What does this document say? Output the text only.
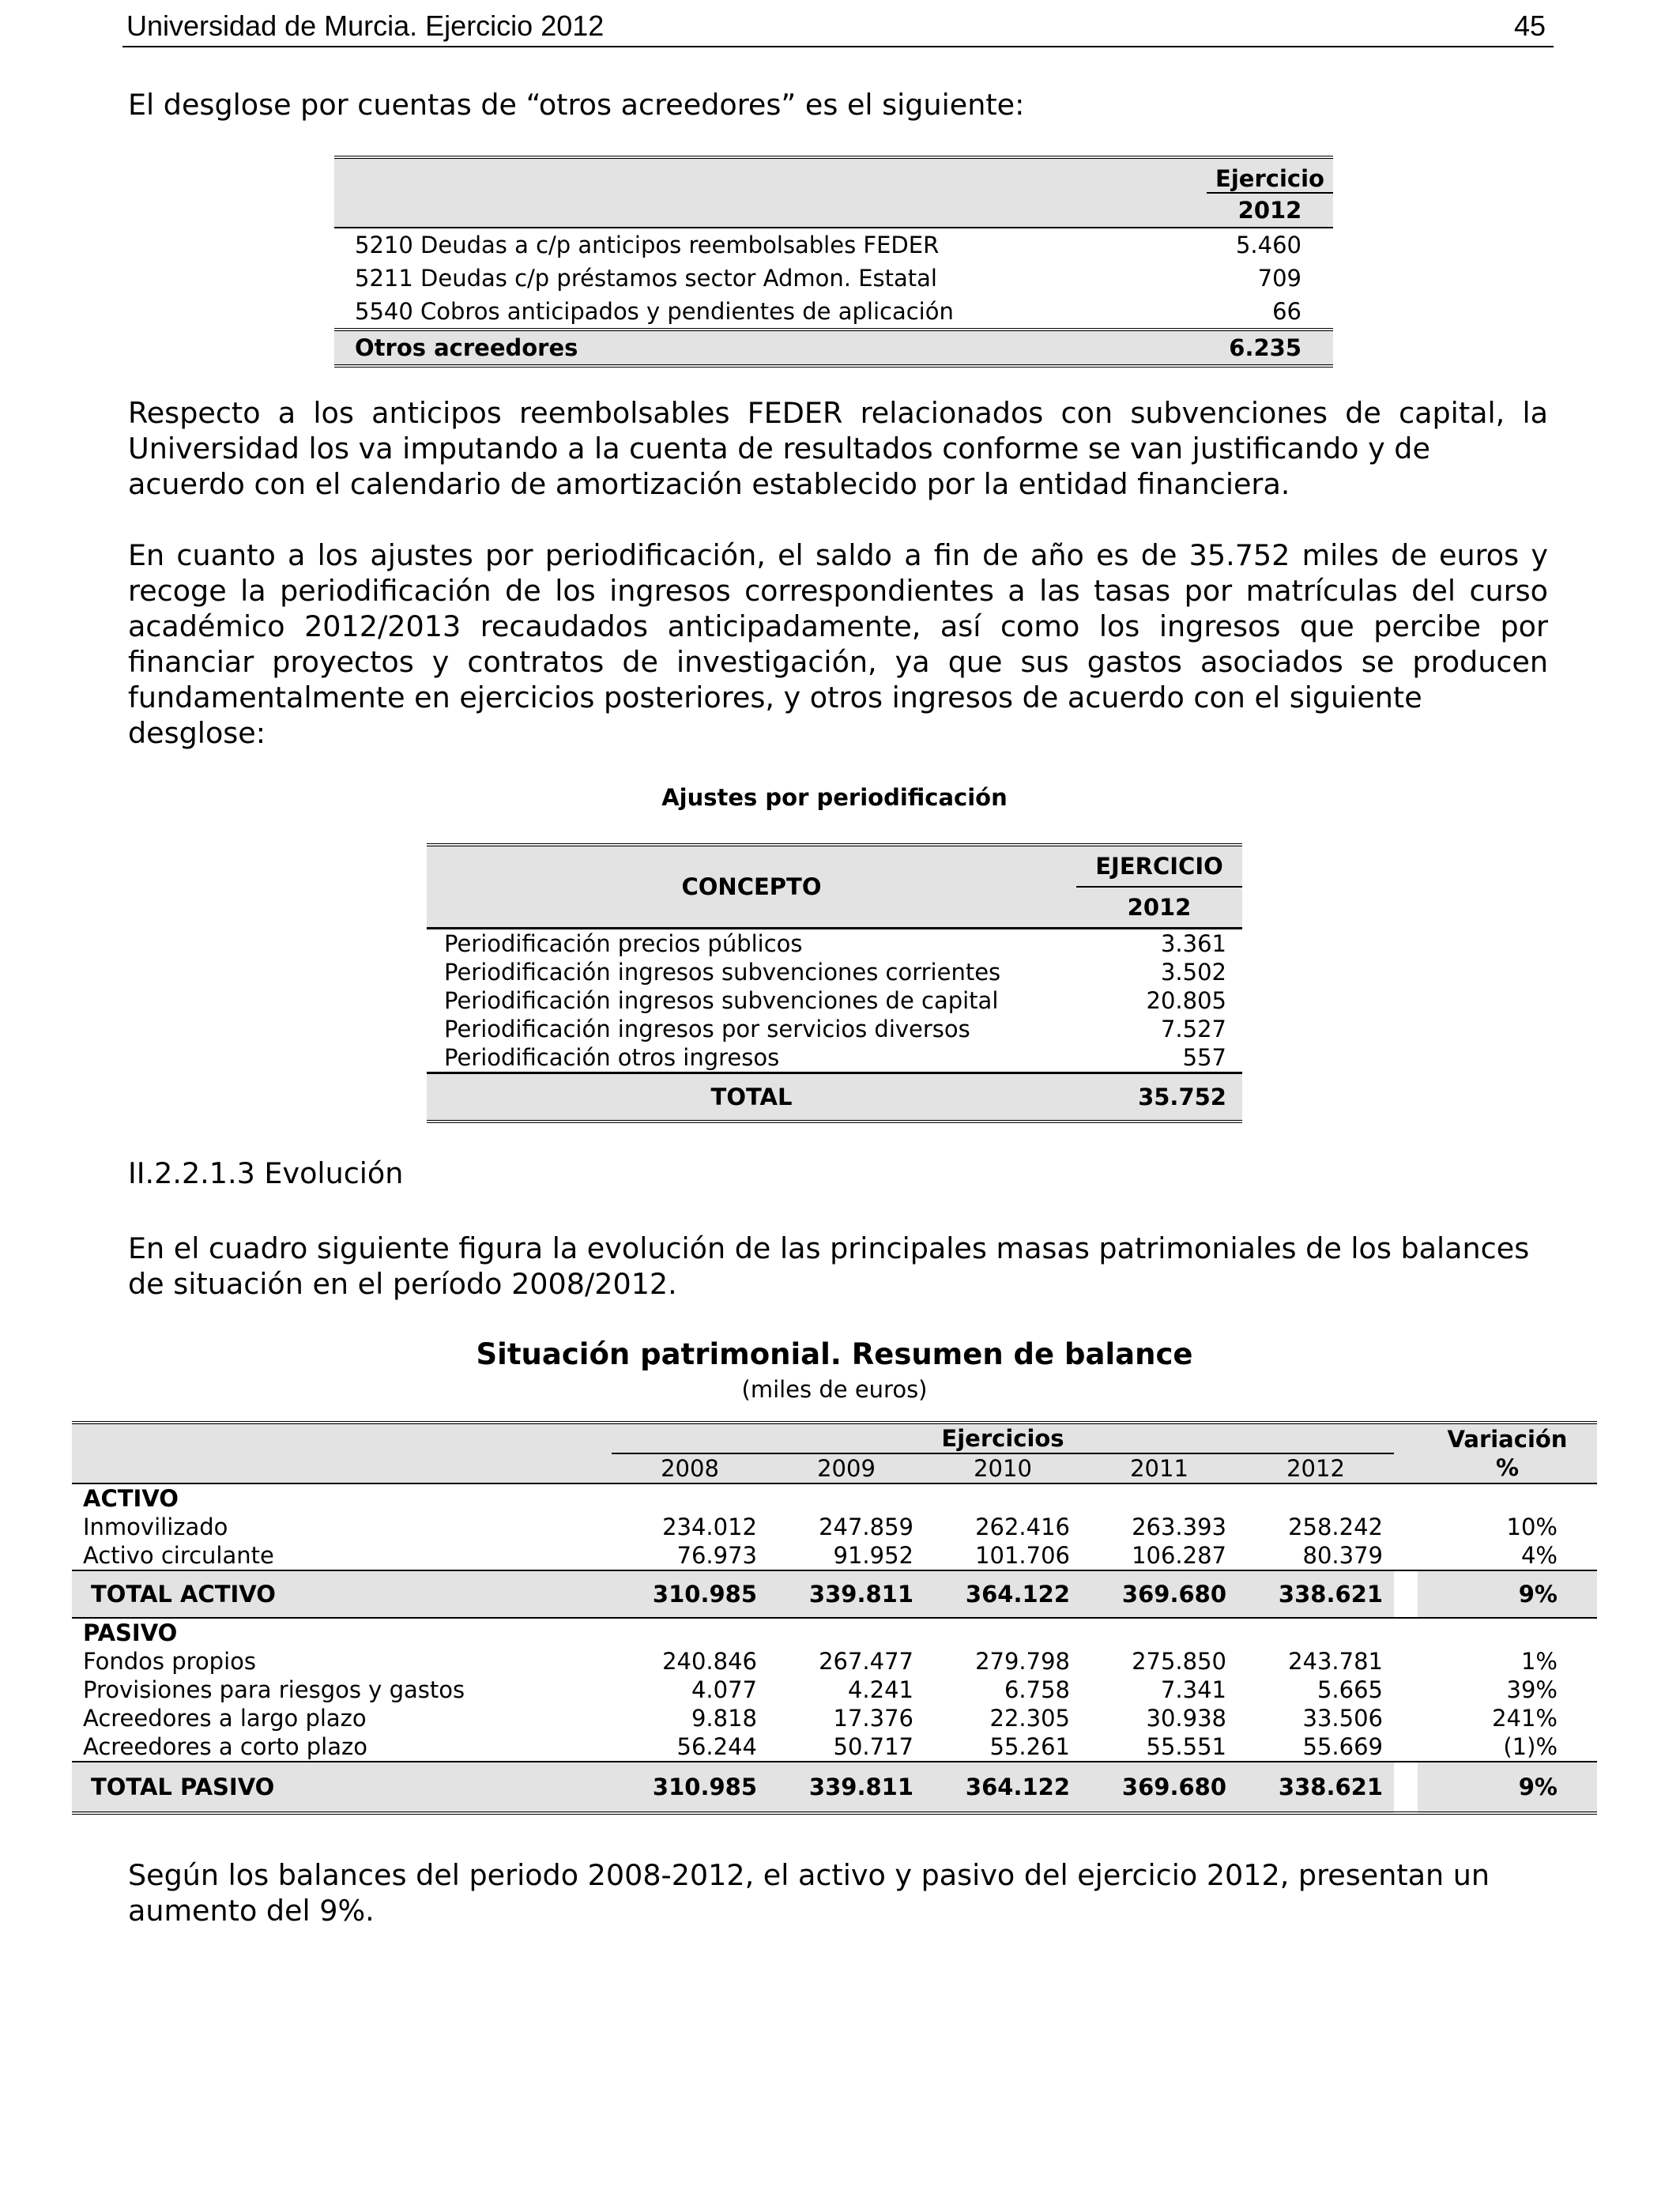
Universidad de Murcia. Ejercicio 2012	45
El desglose por cuentas de “otros acreedores” es el siguiente:
	Ejercicio
	2012
5210 Deudas a c/p anticipos reembolsables FEDER	5.460
5211 Deudas c/p préstamos sector Admon. Estatal	709
5540 Cobros anticipados y pendientes de aplicación	66
Otros acreedores	6.235
Respecto a los anticipos reembolsables FEDER relacionados con subvenciones de capital, la Universidad los va imputando a la cuenta de resultados conforme se van justificando y de
acuerdo con el calendario de amortización establecido por la entidad financiera.
En cuanto a los ajustes por periodificación, el saldo a fin de año es de 35.752 miles de euros y recoge la periodificación de los ingresos correspondientes a las tasas por matrículas del curso académico 2012/2013 recaudados anticipadamente, así como los ingresos que percibe por financiar proyectos y contratos de investigación, ya que sus gastos asociados se producen fundamentalmente en ejercicios posteriores, y otros ingresos de acuerdo con el siguiente
desglose:
Ajustes por periodificación
CONCEPTO	EJERCICIO
	2012
Periodificación precios públicos	3.361
Periodificación ingresos subvenciones corrientes	3.502
Periodificación ingresos subvenciones de capital	20.805
Periodificación ingresos por servicios diversos	7.527
Periodificación otros ingresos	557
TOTAL	35.752
II.2.2.1.3 Evolución
En el cuadro siguiente figura la evolución de las principales masas patrimoniales de los balances
de situación en el período 2008/2012.
Situación patrimonial. Resumen de balance
(miles de euros)
	Ejercicios						Variación
	2008	2009	2010	2011	2012		%
ACTIVO							
Inmovilizado	234.012	247.859	262.416	263.393	258.242		10%
Activo circulante	76.973	91.952	101.706	106.287	80.379		4%
TOTAL ACTIVO	310.985	339.811	364.122	369.680	338.621		9%
PASIVO							
Fondos propios	240.846	267.477	279.798	275.850	243.781		1%
Provisiones para riesgos y gastos	4.077	4.241	6.758	7.341	5.665		39%
Acreedores a largo plazo	9.818	17.376	22.305	30.938	33.506		241%
Acreedores a corto plazo	56.244	50.717	55.261	55.551	55.669		(1)%
TOTAL PASIVO	310.985	339.811	364.122	369.680	338.621		9%
Según los balances del periodo 2008-2012, el activo y pasivo del ejercicio 2012, presentan un
aumento del 9%.
